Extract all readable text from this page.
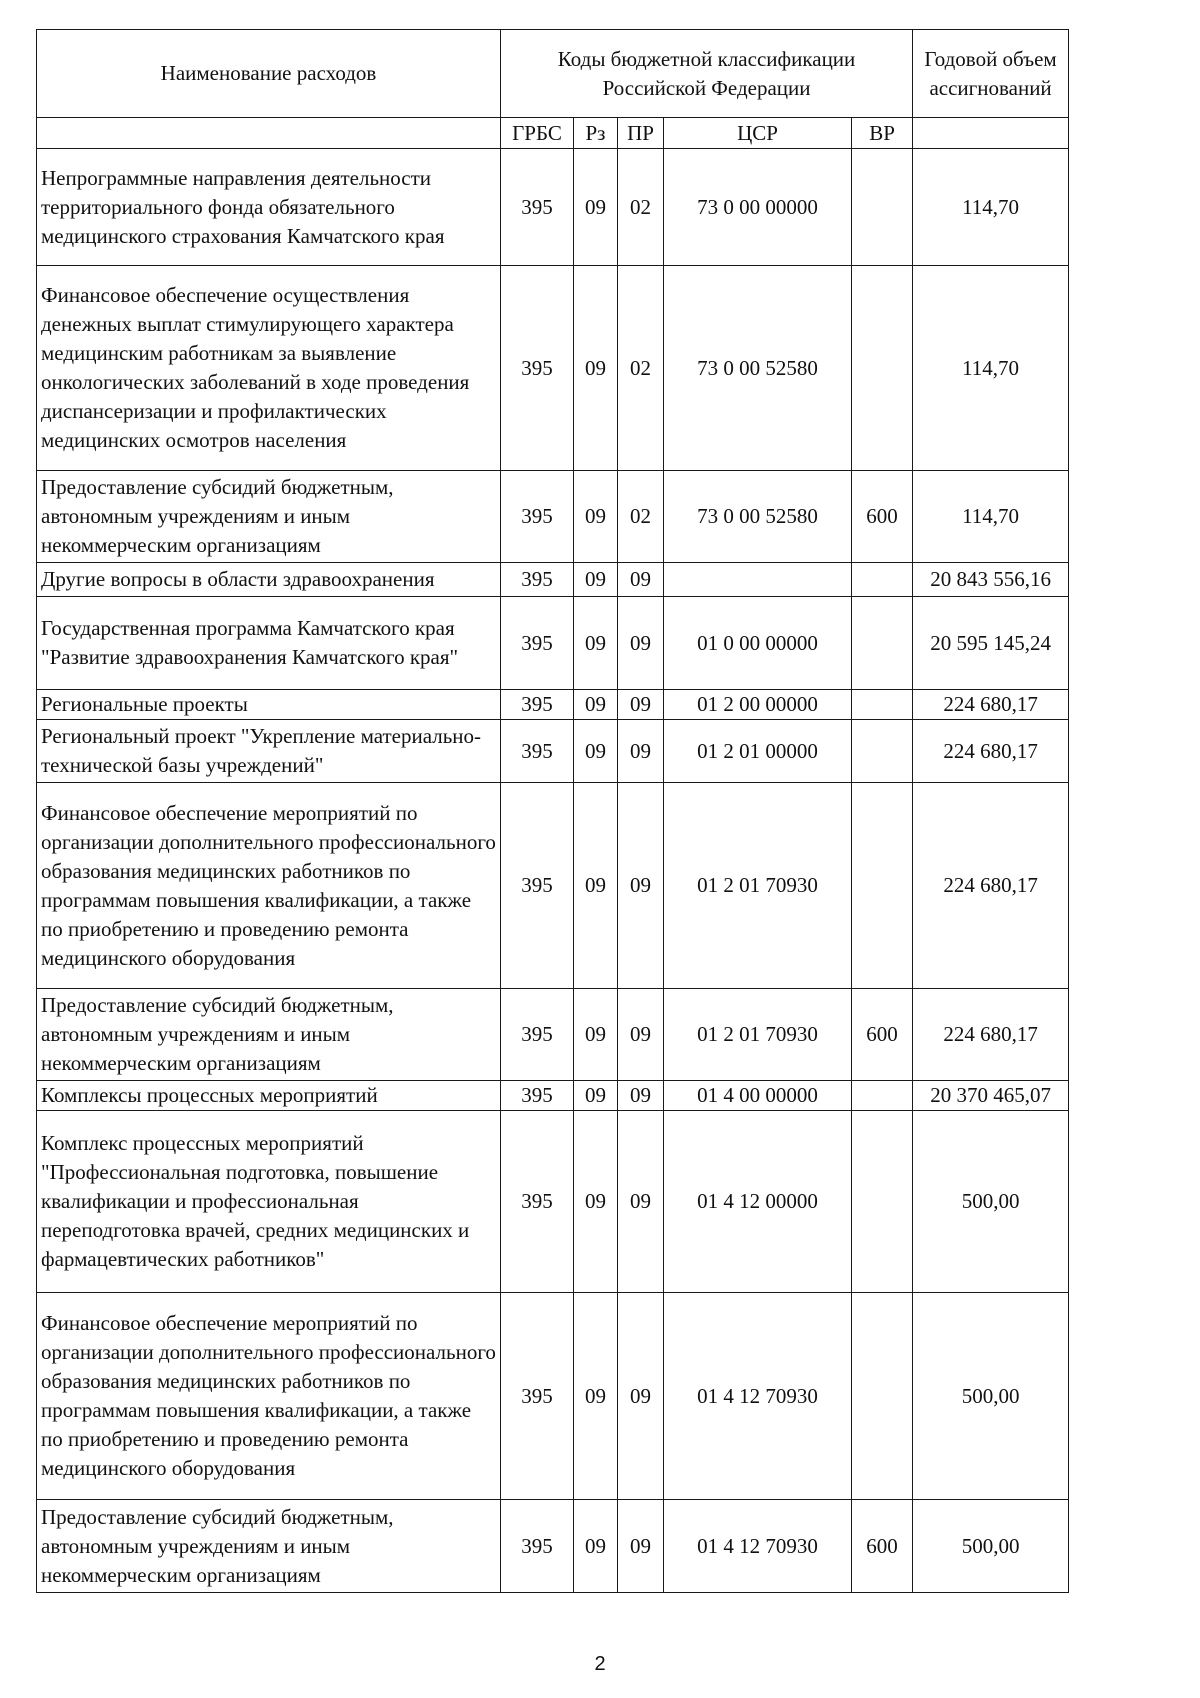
Наименование расходов	Коды бюджетной классификации Российской Федерации					Годовой объем ассигнований
	ГРБС	Рз	ПР	ЦСР	ВР	
Непрограммные направления деятельности территориального фонда обязательного медицинского страхования Камчатского края	395	09	02	73 0 00 00000		114,70
Финансовое обеспечение осуществления денежных выплат стимулирующего характера медицинским работникам за выявление онкологических заболеваний в ходе проведения диспансеризации и профилактических медицинских осмотров населения	395	09	02	73 0 00 52580		114,70
Предоставление субсидий бюджетным, автономным учреждениям и иным некоммерческим организациям	395	09	02	73 0 00 52580	600	114,70
Другие вопросы в области здравоохранения	395	09	09			20 843 556,16
Государственная программа Камчатского края "Развитие здравоохранения Камчатского края"	395	09	09	01 0 00 00000		20 595 145,24
Региональные проекты	395	09	09	01 2 00 00000		224 680,17
Региональный проект "Укрепление материально-технической базы учреждений"	395	09	09	01 2 01 00000		224 680,17
Финансовое обеспечение мероприятий по организации дополнительного профессионального образования медицинских работников по программам повышения квалификации, а также по приобретению и проведению ремонта медицинского оборудования	395	09	09	01 2 01 70930		224 680,17
Предоставление субсидий бюджетным, автономным учреждениям и иным некоммерческим организациям	395	09	09	01 2 01 70930	600	224 680,17
Комплексы процессных мероприятий	395	09	09	01 4 00 00000		20 370 465,07
Комплекс процессных мероприятий "Профессиональная подготовка, повышение квалификации и профессиональная переподготовка врачей, средних медицинских и фармацевтических работников"	395	09	09	01 4 12 00000		500,00
Финансовое обеспечение мероприятий по организации дополнительного профессионального образования медицинских работников по программам повышения квалификации, а также по приобретению и проведению ремонта медицинского оборудования	395	09	09	01 4 12 70930		500,00
Предоставление субсидий бюджетным, автономным учреждениям и иным некоммерческим организациям	395	09	09	01 4 12 70930	600	500,00
2
